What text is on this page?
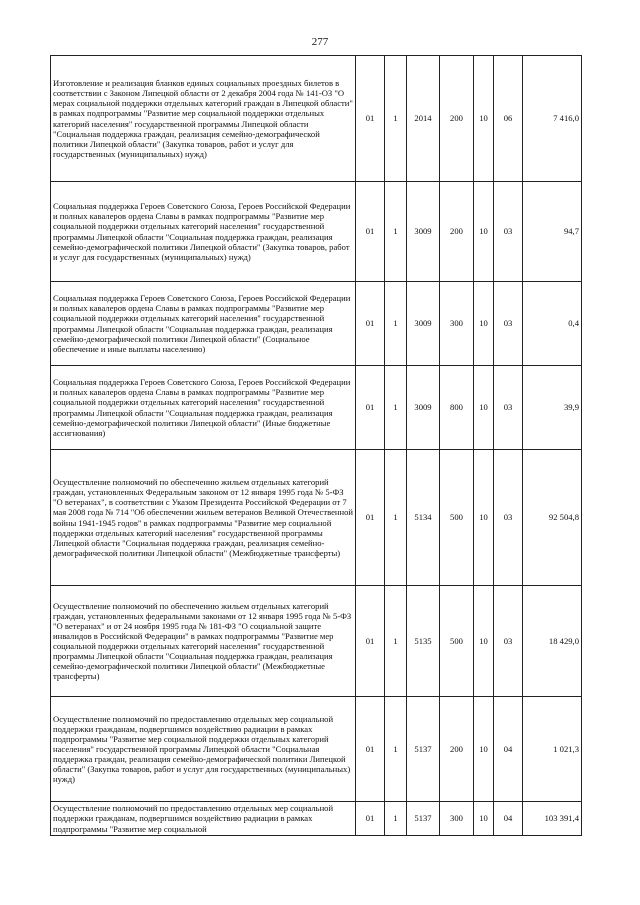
277
Изготовление и реализация бланков единых социальных проездных билетов в соответствии с Законом Липецкой области от 2 декабря 2004 года № 141-ОЗ "О мерах социальной поддержки отдельных категорий граждан в Липецкой области" в рамках подпрограммы "Развитие мер социальной поддержки отдельных категорий населения" государственной программы Липецкой области "Социальная поддержка граждан, реализация семейно-демографической политики Липецкой области" (Закупка товаров, работ и услуг для государственных (муниципальных) нужд)	01	1	2014	200	10	06	7 416,0
Социальная поддержка Героев Советского Союза, Героев Российской Федерации и полных кавалеров ордена Славы в рамках подпрограммы "Развитие мер социальной поддержки отдельных категорий населения" государственной программы Липецкой области "Социальная поддержка граждан, реализация семейно-демографической политики Липецкой области" (Закупка товаров, работ и услуг для государственных (муниципальных) нужд)	01	1	3009	200	10	03	94,7
Социальная поддержка Героев Советского Союза, Героев Российской Федерации и полных кавалеров ордена Славы в рамках подпрограммы "Развитие мер социальной поддержки отдельных категорий населения" государственной программы Липецкой области "Социальная поддержка граждан, реализация семейно-демографической политики Липецкой области" (Социальное обеспечение и иные выплаты населению)	01	1	3009	300	10	03	0,4
Социальная поддержка Героев Советского Союза, Героев Российской Федерации и полных кавалеров ордена Славы в рамках подпрограммы "Развитие мер социальной поддержки отдельных категорий населения" государственной программы Липецкой области "Социальная поддержка граждан, реализация семейно-демографической политики Липецкой области" (Иные бюджетные ассигнования)	01	1	3009	800	10	03	39,9
Осуществление полномочий по обеспечению жильем отдельных категорий граждан, установленных Федеральным законом от 12 января 1995 года № 5-ФЗ "О ветеранах", в соответствии с Указом Президента Российской Федерации от 7 мая 2008 года № 714 "Об обеспечении жильем ветеранов Великой Отечественной войны 1941-1945 годов" в рамках подпрограммы "Развитие мер социальной поддержки отдельных категорий населения" государственной программы Липецкой области "Социальная поддержка граждан, реализация семейно-демографической политики Липецкой области" (Межбюджетные трансферты)	01	1	5134	500	10	03	92 504,8
Осуществление полномочий по обеспечению жильем отдельных категорий граждан, установленных федеральными законами от 12 января 1995 года № 5-ФЗ "О ветеранах" и от 24 ноября 1995 года № 181-ФЗ "О социальной защите инвалидов в Российской Федерации" в рамках подпрограммы "Развитие мер социальной поддержки отдельных категорий населения" государственной программы Липецкой области "Социальная поддержка граждан, реализация семейно-демографической политики Липецкой области" (Межбюджетные трансферты)	01	1	5135	500	10	03	18 429,0
Осуществление полномочий по предоставлению отдельных мер социальной поддержки гражданам, подвергшимся воздействию радиации в рамках подпрограммы "Развитие мер социальной поддержки отдельных категорий населения" государственной программы Липецкой области "Социальная поддержка граждан, реализация семейно-демографической политики Липецкой области" (Закупка товаров, работ и услуг для государственных (муниципальных) нужд)	01	1	5137	200	10	04	1 021,3
Осуществление полномочий по предоставлению отдельных мер социальной поддержки гражданам, подвергшимся воздействию радиации в рамках подпрограммы "Развитие мер социальной	01	1	5137	300	10	04	103 391,4
